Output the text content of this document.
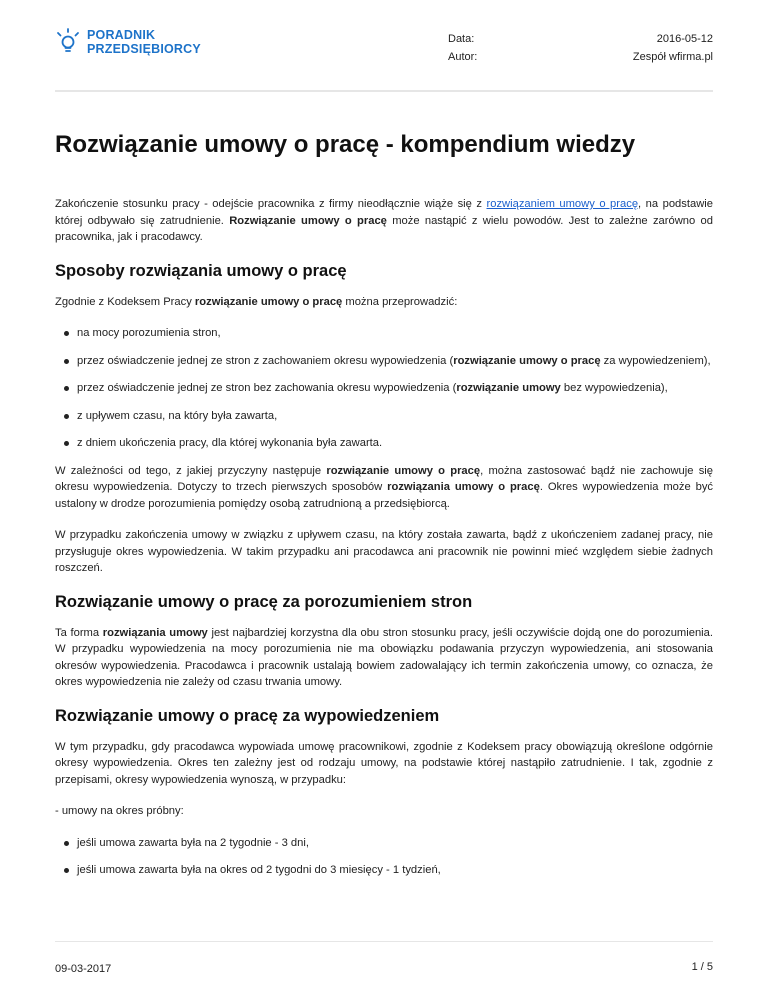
PORADNIK
PRZEDSIĘBIORCY
Data:	2016-05-12
Autor:	Zespół wfirma.pl
Rozwiązanie umowy o pracę - kompendium wiedzy

Zakończenie stosunku pracy - odejście pracownika z firmy nieodłącznie wiąże się z rozwiązaniem umowy o pracę, na podstawie której odbywało się zatrudnienie. Rozwiązanie umowy o pracę może nastąpić z wielu powodów. Jest to zależne zarówno od pracownika, jak i pracodawcy.

Sposoby rozwiązania umowy o pracę

Zgodnie z Kodeksem Pracy rozwiązanie umowy o pracę można przeprowadzić:

na mocy porozumienia stron,
przez oświadczenie jednej ze stron z zachowaniem okresu wypowiedzenia (rozwiązanie umowy o pracę za wypowiedzeniem),
przez oświadczenie jednej ze stron bez zachowania okresu wypowiedzenia (rozwiązanie umowy bez wypowiedzenia),
z upływem czasu, na który była zawarta,
z dniem ukończenia pracy, dla której wykonania była zawarta.

W zależności od tego, z jakiej przyczyny następuje rozwiązanie umowy o pracę, można zastosować bądź nie zachowuje się okresu wypowiedzenia. Dotyczy to trzech pierwszych sposobów rozwiązania umowy o pracę. Okres wypowiedzenia może być ustalony w drodze porozumienia pomiędzy osobą zatrudnioną a przedsiębiorcą.

W przypadku zakończenia umowy w związku z upływem czasu, na który została zawarta, bądź z ukończeniem zadanej pracy, nie przysługuje okres wypowiedzenia. W takim przypadku ani pracodawca ani pracownik nie powinni mieć względem siebie żadnych roszczeń.

Rozwiązanie umowy o pracę za porozumieniem stron

Ta forma rozwiązania umowy jest najbardziej korzystna dla obu stron stosunku pracy, jeśli oczywiście dojdą one do porozumienia. W przypadku wypowiedzenia na mocy porozumienia nie ma obowiązku podawania przyczyn wypowiedzenia, ani stosowania okresów wypowiedzenia. Pracodawca i pracownik ustalają bowiem zadowalający ich termin zakończenia umowy, co oznacza, że okres wypowiedzenia nie zależy od czasu trwania umowy.

Rozwiązanie umowy o pracę za wypowiedzeniem

W tym przypadku, gdy pracodawca wypowiada umowę pracownikowi, zgodnie z Kodeksem pracy obowiązują określone odgórnie okresy wypowiedzenia. Okres ten zależny jest od rodzaju umowy, na podstawie której nastąpiło zatrudnienie. I tak, zgodnie z przepisami, okresy wypowiedzenia wynoszą, w przypadku:

- umowy na okres próbny:

jeśli umowa zawarta była na 2 tygodnie - 3 dni,
jeśli umowa zawarta była na okres od 2 tygodni do 3 miesięcy - 1 tydzień,
09-03-2017	1 / 5
